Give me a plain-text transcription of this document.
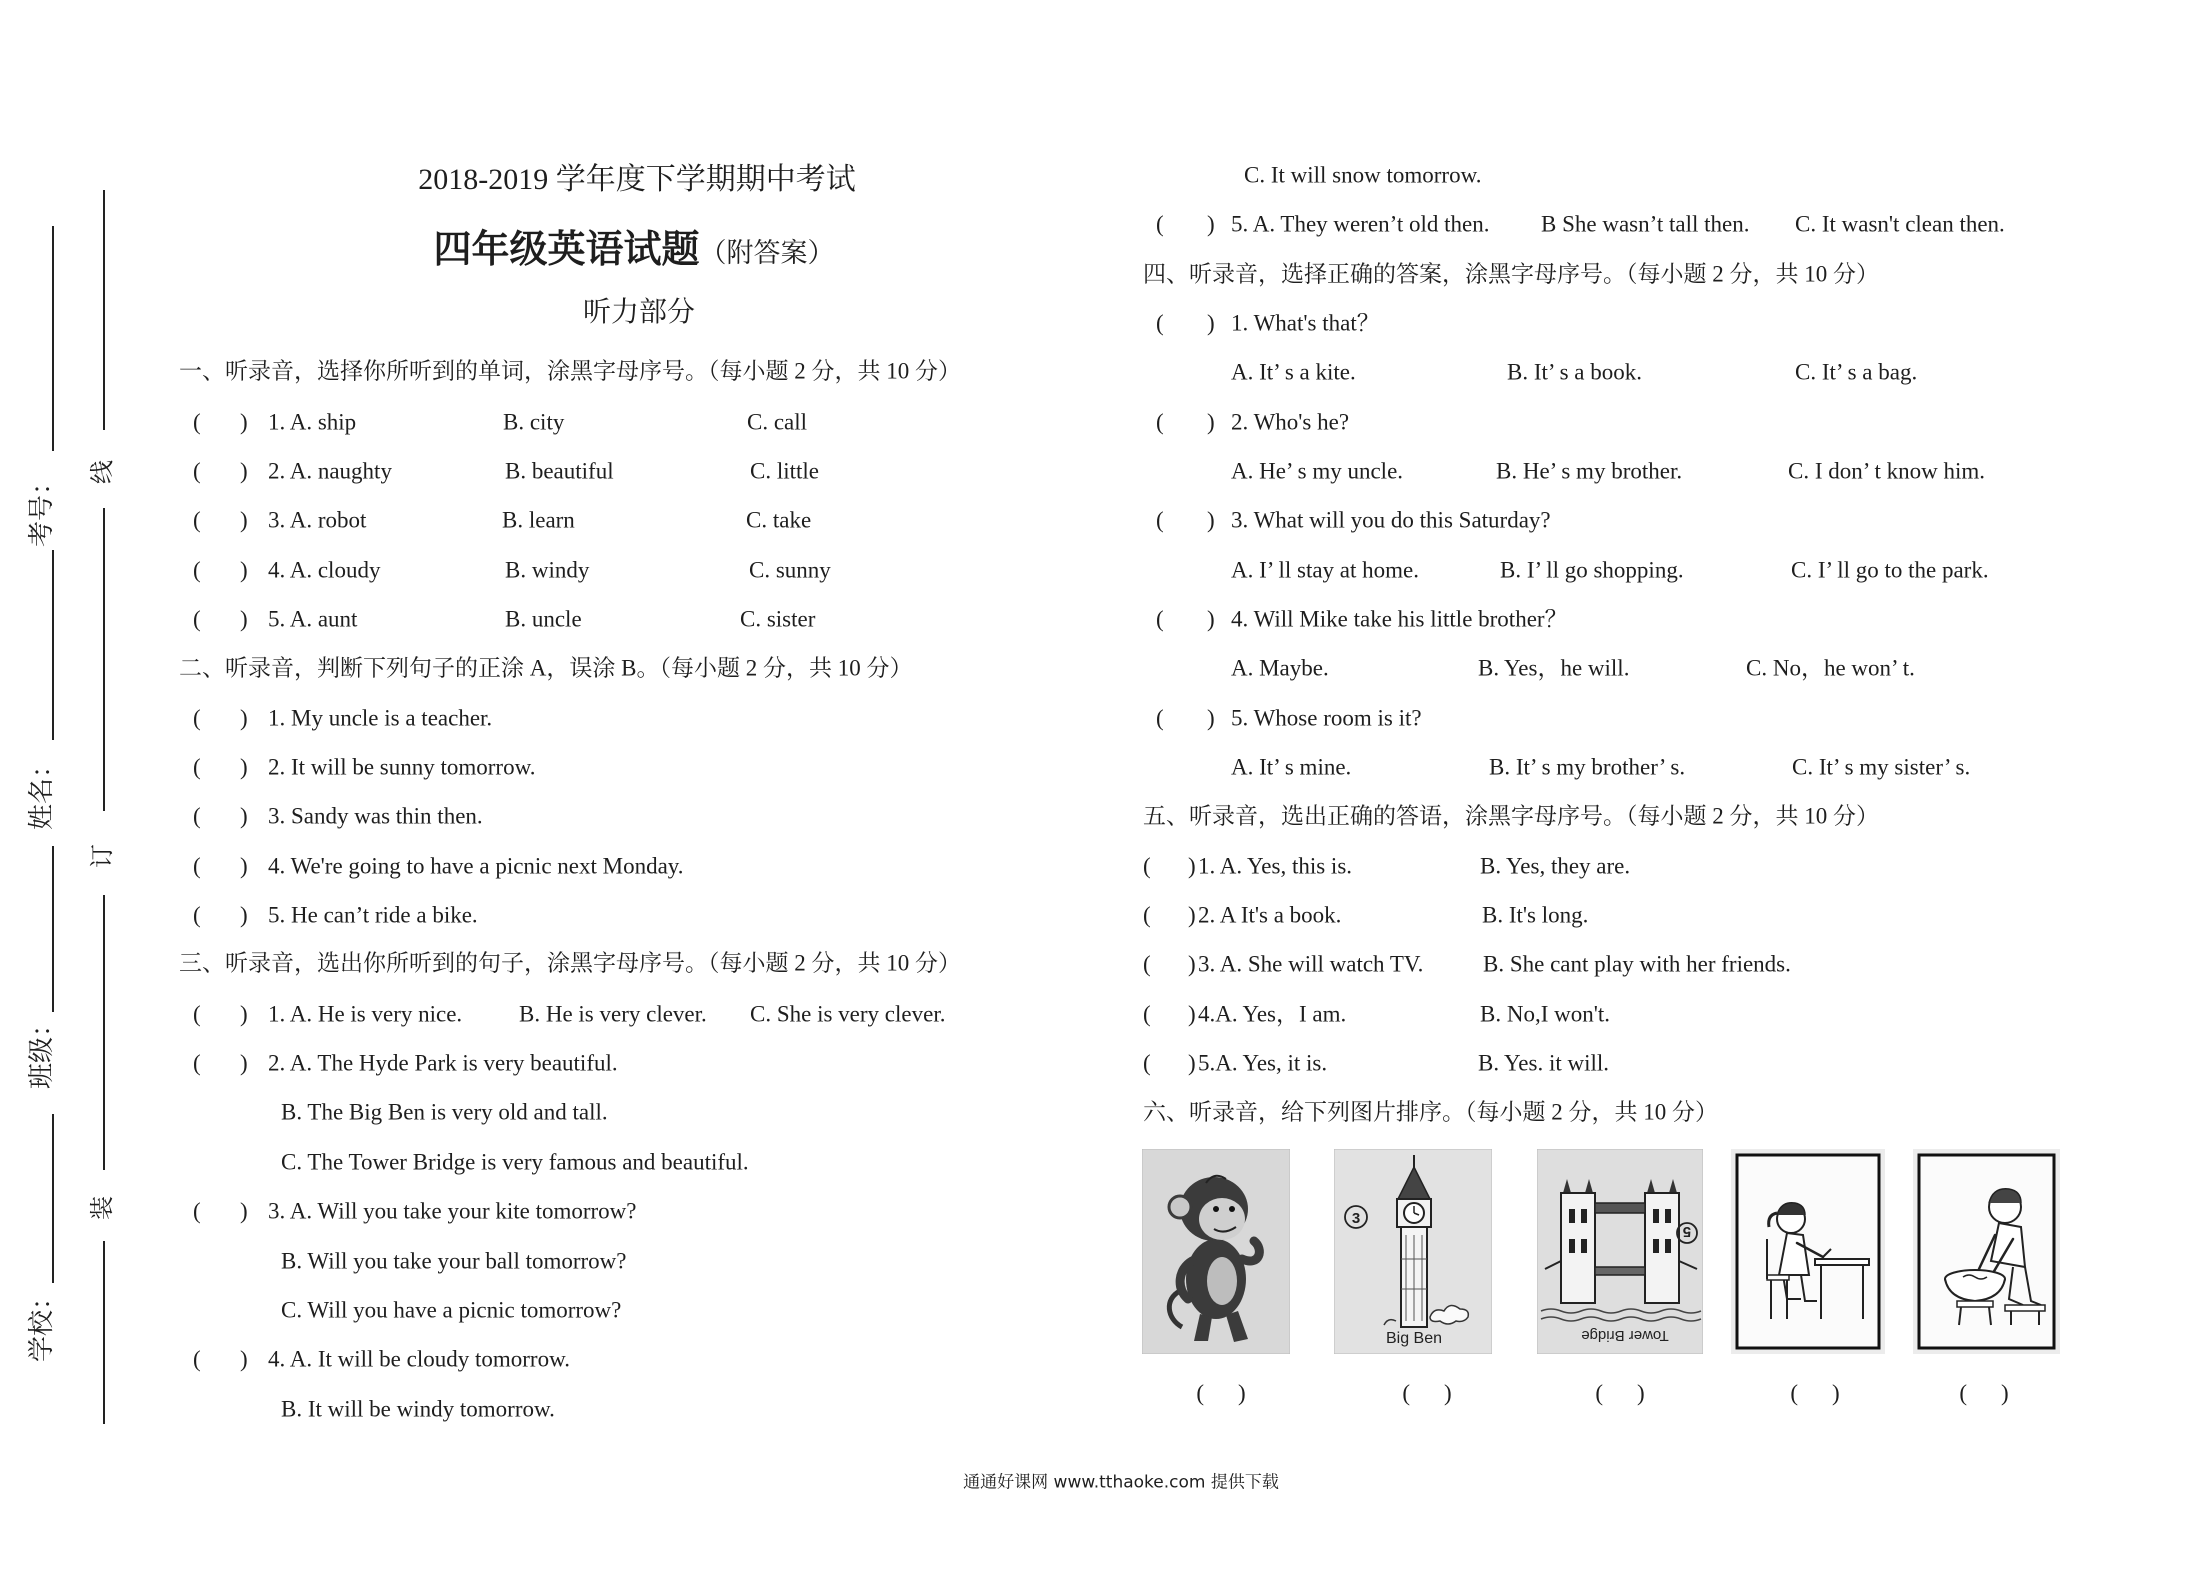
考号：
姓名：
班级：
学校：
线
订
装
2018-2019 学年度下学期期中考试
四年级英语试题 （附答案）
听力部分
一、听录音，选择你所听到的单词，涂黑字母序号。（每小题 2 分，共 10 分）
( ) 1. A. ship	B. city	C. call
( ) 2. A. naughty	B. beautiful	C. little
( ) 3. A. robot	B. learn	C. take
( ) 4. A. cloudy	B. windy	C. sunny
( ) 5. A. aunt	B. uncle	C. sister
二、听录音，判断下列句子的正涂 A，误涂 B。（每小题 2 分，共 10 分）
( ) 1. My uncle is a teacher.
( ) 2. It will be sunny tomorrow.
( ) 3. Sandy was thin then.
( ) 4. We're going to have a picnic next Monday.
( ) 5. He can’t ride a bike.
三、听录音，选出你所听到的句子，涂黑字母序号。（每小题 2 分，共 10 分）
( ) 1. A. He is very nice. B. He is very clever. C. She is very clever.
( ) 2. A. The Hyde Park is very beautiful.
B. The Big Ben is very old and tall.
C. The Tower Bridge is very famous and beautiful.
( ) 3. A. Will you take your kite tomorrow?
B. Will you take your ball tomorrow?
C. Will you have a picnic tomorrow?
( ) 4. A. It will be cloudy tomorrow.
B. It will be windy tomorrow.
C. It will snow tomorrow.
( ) 5. A. They weren’t old then. B She wasn’t tall then. C. It wasn't clean then.
四、听录音，选择正确的答案，涂黑字母序号。（每小题 2 分，共 10 分）
( ) 1. What's that？
A. It’ s a kite.	B. It’ s a book.	C. It’ s a bag.
( ) 2. Who's he?
A. He’ s my uncle.	B. He’ s my brother.	C. I don’ t know him.
( ) 3. What will you do this Saturday?
A. I’ ll stay at home.	B. I’ ll go shopping.	C. I’ ll go to the park.
( ) 4. Will Mike take his little brother？
A. Maybe.	B. Yes，he will.	C. No，he won’ t.
( ) 5. Whose room is it?
A. It’ s mine.	B. It’ s my brother’ s.	C. It’ s my sister’ s.
五、听录音，选出正确的答语，涂黑字母序号。（每小题 2 分，共 10 分）
( ) 1. A. Yes, this is.	B. Yes, they are.
( ) 2. A It's a book.	B. It's long.
( ) 3. A. She will watch TV.	B. She cant play with her friends.
( ) 4.A. Yes，I am.	B. No,I won't.
( ) 5.A. Yes, it is.	B. Yes. it will.
六、听录音，给下列图片排序。（每小题 2 分，共 10 分）
3
Big Ben
5
Tower Bridge
( )	( )	( )	( )	( )
通通好课网 www.tthaoke.com 提供下载
